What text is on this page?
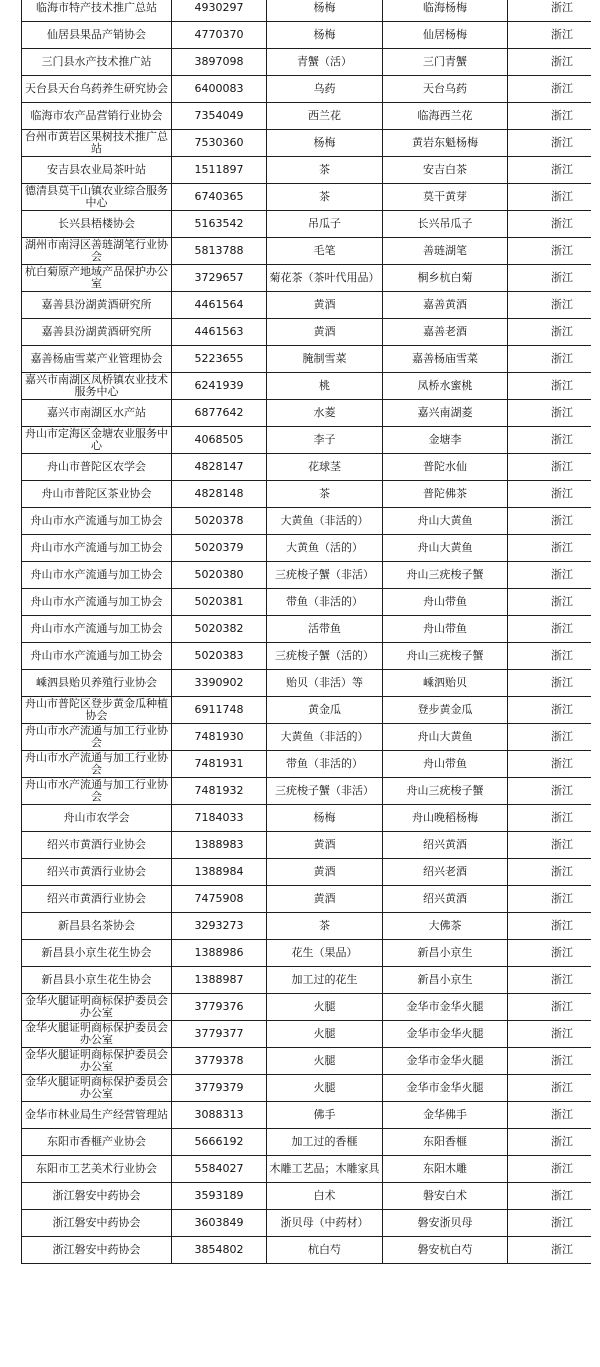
临海市特产技术推广总站	4930297	杨梅	临海杨梅	浙江
仙居县果品产销协会	4770370	杨梅	仙居杨梅	浙江
三门县水产技术推广站	3897098	青蟹（活）	三门青蟹	浙江
天台县天台乌药养生研究协会	6400083	乌药	天台乌药	浙江
临海市农产品营销行业协会	7354049	西兰花	临海西兰花	浙江
台州市黄岩区果树技术推广总站	7530360	杨梅	黄岩东魁杨梅	浙江
安吉县农业局茶叶站	1511897	茶	安吉白茶	浙江
德清县莫干山镇农业综合服务中心	6740365	茶	莫干黄芽	浙江
长兴县梧楼协会	5163542	吊瓜子	长兴吊瓜子	浙江
湖州市南浔区善琏湖笔行业协会	5813788	毛笔	善琏湖笔	浙江
杭白菊原产地域产品保护办公室	3729657	菊花茶（茶叶代用品）	桐乡杭白菊	浙江
嘉善县汾湖黄酒研究所	4461564	黄酒	嘉善黄酒	浙江
嘉善县汾湖黄酒研究所	4461563	黄酒	嘉善老酒	浙江
嘉善杨庙雪菜产业管理协会	5223655	腌制雪菜	嘉善杨庙雪菜	浙江
嘉兴市南湖区凤桥镇农业技术服务中心	6241939	桃	凤桥水蜜桃	浙江
嘉兴市南湖区水产站	6877642	水菱	嘉兴南湖菱	浙江
舟山市定海区金塘农业服务中心	4068505	李子	金塘李	浙江
舟山市普陀区农学会	4828147	花球茎	普陀水仙	浙江
舟山市普陀区茶业协会	4828148	茶	普陀佛茶	浙江
舟山市水产流通与加工协会	5020378	大黄鱼（非活的）	舟山大黄鱼	浙江
舟山市水产流通与加工协会	5020379	大黄鱼（活的）	舟山大黄鱼	浙江
舟山市水产流通与加工协会	5020380	三疣梭子蟹（非活）	舟山三疣梭子蟹	浙江
舟山市水产流通与加工协会	5020381	带鱼（非活的）	舟山带鱼	浙江
舟山市水产流通与加工协会	5020382	活带鱼	舟山带鱼	浙江
舟山市水产流通与加工协会	5020383	三疣梭子蟹（活的）	舟山三疣梭子蟹	浙江
嵊泗县贻贝养殖行业协会	3390902	贻贝（非活）等	嵊泗贻贝	浙江
舟山市普陀区登步黄金瓜种植协会	6911748	黄金瓜	登步黄金瓜	浙江
舟山市水产流通与加工行业协会	7481930	大黄鱼（非活的）	舟山大黄鱼	浙江
舟山市水产流通与加工行业协会	7481931	带鱼（非活的）	舟山带鱼	浙江
舟山市水产流通与加工行业协会	7481932	三疣梭子蟹（非活）	舟山三疣梭子蟹	浙江
舟山市农学会	7184033	杨梅	舟山晚稻杨梅	浙江
绍兴市黄酒行业协会	1388983	黄酒	绍兴黄酒	浙江
绍兴市黄酒行业协会	1388984	黄酒	绍兴老酒	浙江
绍兴市黄酒行业协会	7475908	黄酒	绍兴黄酒	浙江
新昌县名茶协会	3293273	茶	大佛茶	浙江
新昌县小京生花生协会	1388986	花生（果品）	新昌小京生	浙江
新昌县小京生花生协会	1388987	加工过的花生	新昌小京生	浙江
金华火腿证明商标保护委员会办公室	3779376	火腿	金华市金华火腿	浙江
金华火腿证明商标保护委员会办公室	3779377	火腿	金华市金华火腿	浙江
金华火腿证明商标保护委员会办公室	3779378	火腿	金华市金华火腿	浙江
金华火腿证明商标保护委员会办公室	3779379	火腿	金华市金华火腿	浙江
金华市林业局生产经营管理站	3088313	佛手	金华佛手	浙江
东阳市香榧产业协会	5666192	加工过的香榧	东阳香榧	浙江
东阳市工艺美术行业协会	5584027	木雕工艺品；木雕家具	东阳木雕	浙江
浙江磐安中药协会	3593189	白术	磐安白术	浙江
浙江磐安中药协会	3603849	浙贝母（中药材）	磐安浙贝母	浙江
浙江磐安中药协会	3854802	杭白芍	磐安杭白芍	浙江
